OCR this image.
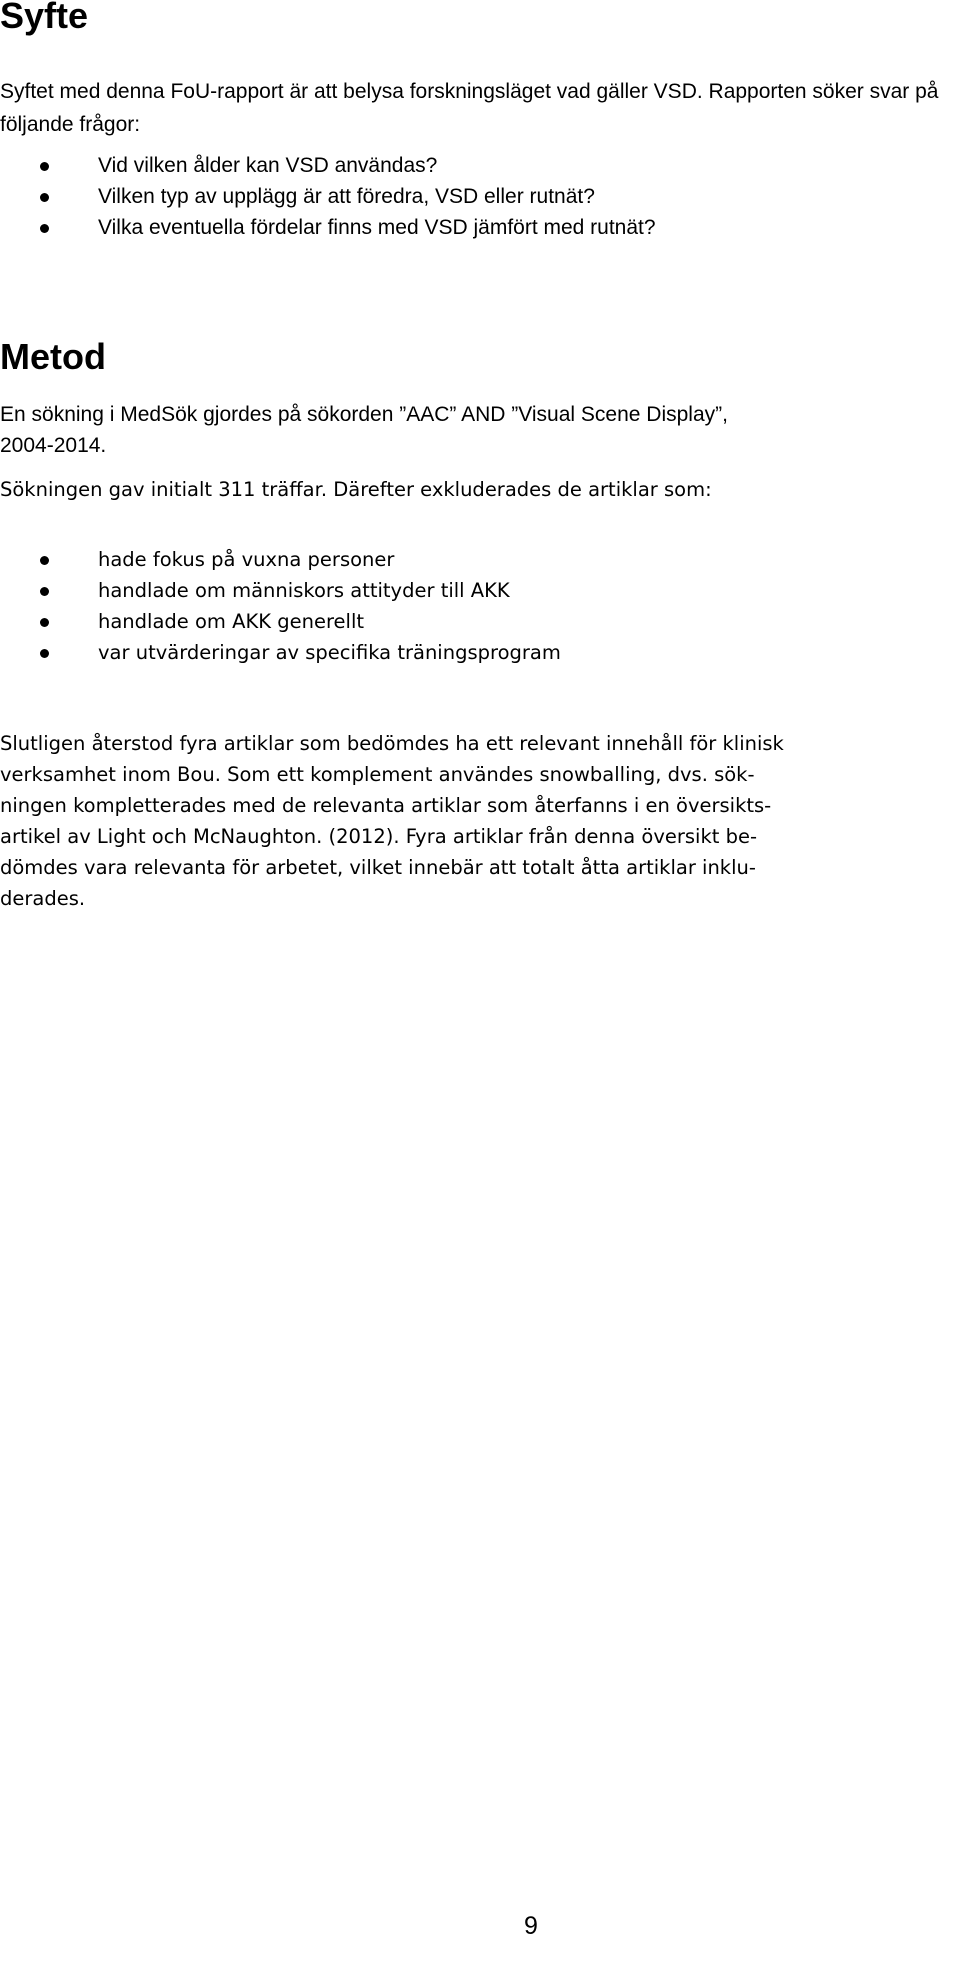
Syfte

Syftet med denna FoU-rapport är att belysa forskningsläget vad gäller VSD. Rapporten söker svar på följande frågor:

Vid vilken ålder kan VSD användas?
Vilken typ av upplägg är att föredra, VSD eller rutnät?
Vilka eventuella fördelar finns med VSD jämfört med rutnät?
Metod

En sökning i MedSök gjordes på sökorden ”AAC” AND ”Visual Scene Display”,
2004-2014.

Sökningen gav initialt 311 träffar. Därefter exkluderades de artiklar som:

hade fokus på vuxna personer
handlade om människors attityder till AKK
handlade om AKK generellt
var utvärderingar av specifika träningsprogram

Slutligen återstod fyra artiklar som bedömdes ha ett relevant innehåll för klinisk
verksamhet inom Bou. Som ett komplement användes snowballing, dvs. sök-
ningen kompletterades med de relevanta artiklar som återfanns i en översikts-
artikel av Light och McNaughton. (2012). Fyra artiklar från denna översikt be-
dömdes vara relevanta för arbetet, vilket innebär att totalt åtta artiklar inklu-
derades.

9
